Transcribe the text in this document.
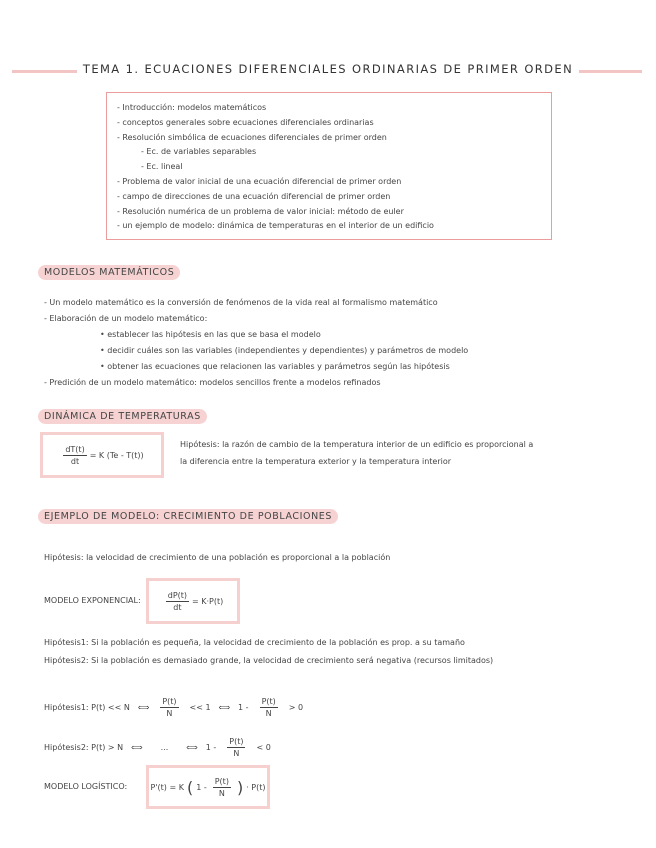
TEMA 1. ECUACIONES DIFERENCIALES ORDINARIAS DE PRIMER ORDEN
- Introducción: modelos matemáticos
- conceptos generales sobre ecuaciones diferenciales ordinarias
- Resolución simbólica de ecuaciones diferenciales de primer orden
- Ec. de variables separables
- Ec. lineal
- Problema de valor inicial de una ecuación diferencial de primer orden
- campo de direcciones de una ecuación diferencial de primer orden
- Resolución numérica de un problema de valor inicial: método de euler
- un ejemplo de modelo: dinámica de temperaturas en el interior de un edificio
MODELOS MATEMÁTICOS
- Un modelo matemático es la conversión de fenómenos de la vida real al formalismo matemático
- Elaboración de un modelo matemático:
• establecer las hipótesis en las que se basa el modelo
• decidir cuáles son las variables (independientes y dependientes) y parámetros de modelo
• obtener las ecuaciones que relacionen las variables y parámetros según las hipótesis
- Predición de un modelo matemático: modelos sencillos frente a modelos refinados
DINÁMICA DE TEMPERATURAS
$\frac{dT(t)}{dt} = K$ (Te - T(t))
Hipótesis: la razón de cambio de la temperatura interior de un edificio es proporcional a
la diferencia entre la temperatura exterior y la temperatura interior
EJEMPLO DE MODELO: CRECIMIENTO DE POBLACIONES
Hipótesis: la velocidad de crecimiento de una población es proporcional a la población
MODELO EXPONENCIAL:	$\frac{dP(t)}{dt} = K\cdot P(t)$
Hipótesis1: Si la población es pequeña, la velocidad de crecimiento de la población es prop. a su tamaño
Hipótesis2: Si la población es demasiado grande, la velocidad de crecimiento será negativa (recursos limitados)
Hipótesis1: P(t) << N ⟺ $\frac{P(t)}{N} << 1$ ⟺ $1 - \frac{P(t)}{N} > 0$
Hipótesis2: P(t) > N ⟺	...	⟺ $1 - \frac{P(t)}{N} < 0$
MODELO LOGÍSTICO:	P'(t) = K ( $1 - \frac{P(t)}{N}$ ) · P(t)
